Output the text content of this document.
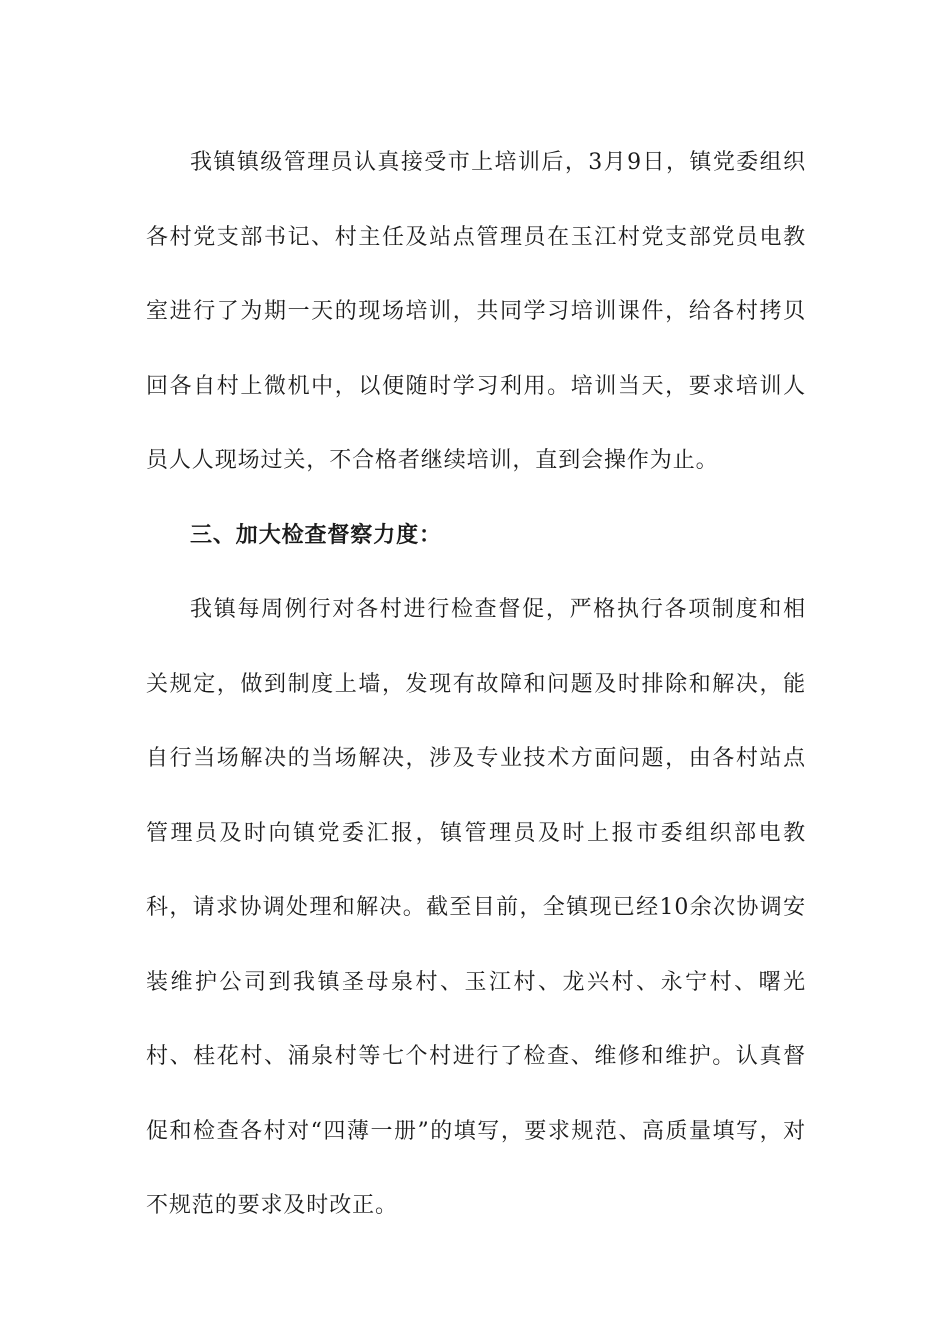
我镇镇级管理员认真接受市上培训后，3月9日，镇党委组织各村党支部书记、村主任及站点管理员在玉江村党支部党员电教室进行了为期一天的现场培训，共同学习培训课件，给各村拷贝回各自村上微机中，以便随时学习利用。培训当天，要求培训人员人人现场过关，不合格者继续培训，直到会操作为止。

三、加大检查督察力度：

我镇每周例行对各村进行检查督促，严格执行各项制度和相关规定，做到制度上墙，发现有故障和问题及时排除和解决，能自行当场解决的当场解决，涉及专业技术方面问题，由各村站点管理员及时向镇党委汇报，镇管理员及时上报市委组织部电教科，请求协调处理和解决。截至目前，全镇现已经10余次协调安装维护公司到我镇圣母泉村、玉江村、龙兴村、永宁村、曙光村、桂花村、涌泉村等七个村进行了检查、维修和维护。认真督促和检查各村对“四薄一册”的填写，要求规范、高质量填写，对不规范的要求及时改正。
